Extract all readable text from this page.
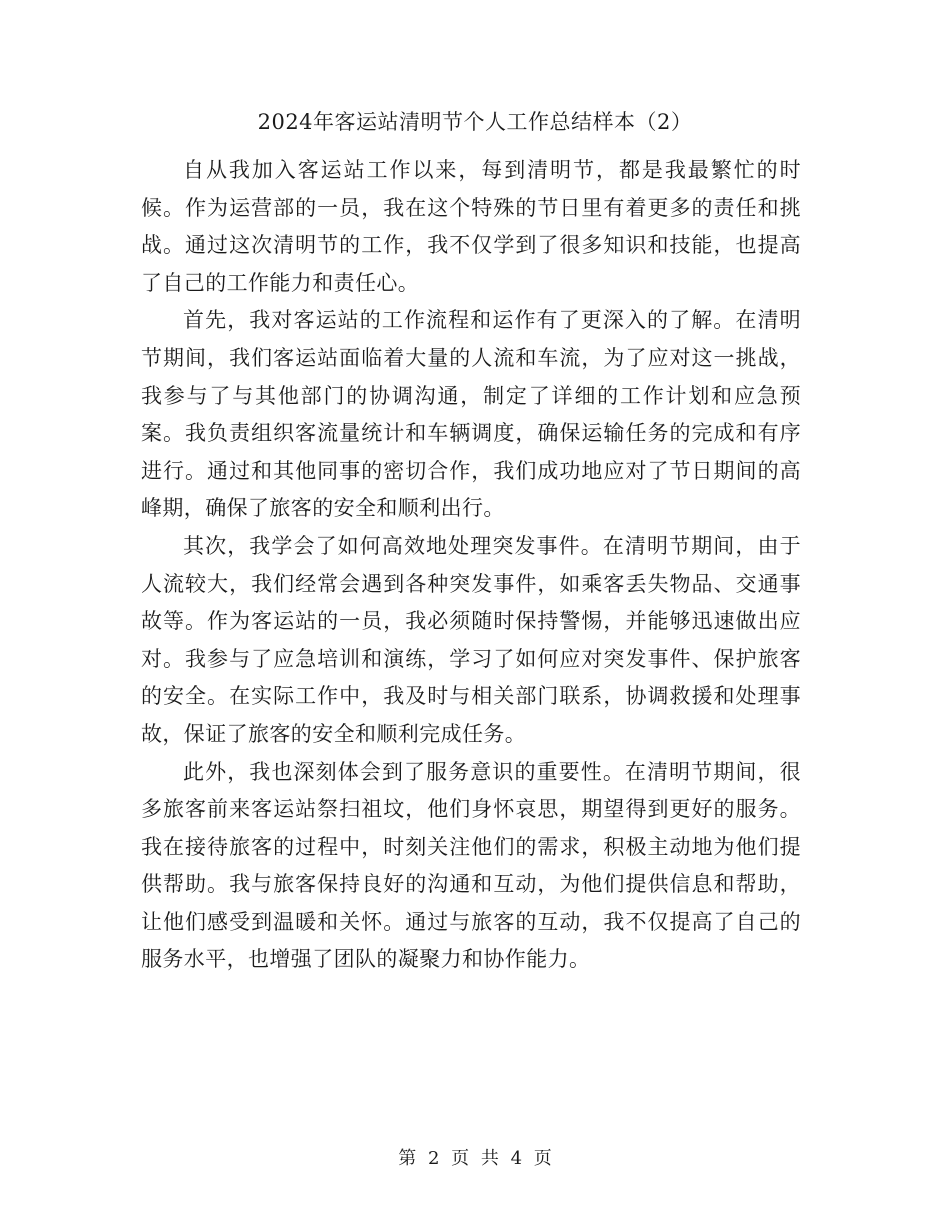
2024年客运站清明节个人工作总结样本（2）

自从我加入客运站工作以来，每到清明节，都是我最繁忙的时候。作为运营部的一员，我在这个特殊的节日里有着更多的责任和挑战。通过这次清明节的工作，我不仅学到了很多知识和技能，也提高了自己的工作能力和责任心。

首先，我对客运站的工作流程和运作有了更深入的了解。在清明节期间，我们客运站面临着大量的人流和车流，为了应对这一挑战，我参与了与其他部门的协调沟通，制定了详细的工作计划和应急预案。我负责组织客流量统计和车辆调度，确保运输任务的完成和有序进行。通过和其他同事的密切合作，我们成功地应对了节日期间的高峰期，确保了旅客的安全和顺利出行。

其次，我学会了如何高效地处理突发事件。在清明节期间，由于人流较大，我们经常会遇到各种突发事件，如乘客丢失物品、交通事故等。作为客运站的一员，我必须随时保持警惕，并能够迅速做出应对。我参与了应急培训和演练，学习了如何应对突发事件、保护旅客的安全。在实际工作中，我及时与相关部门联系，协调救援和处理事故，保证了旅客的安全和顺利完成任务。

此外，我也深刻体会到了服务意识的重要性。在清明节期间，很多旅客前来客运站祭扫祖坟，他们身怀哀思，期望得到更好的服务。我在接待旅客的过程中，时刻关注他们的需求，积极主动地为他们提供帮助。我与旅客保持良好的沟通和互动，为他们提供信息和帮助，让他们感受到温暖和关怀。通过与旅客的互动，我不仅提高了自己的服务水平，也增强了团队的凝聚力和协作能力。

第 2 页 共 4 页
